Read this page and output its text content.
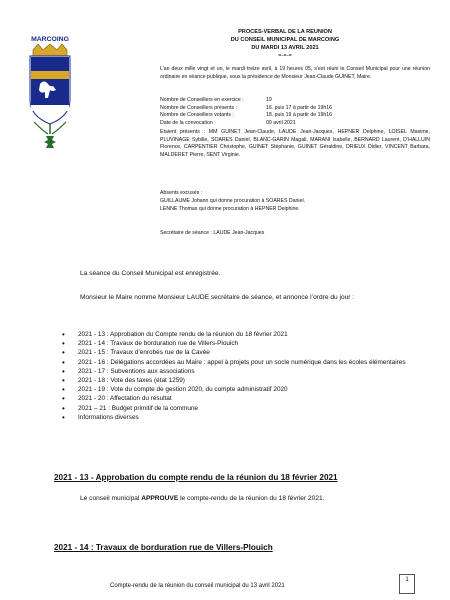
PROCES-VERBAL DE LA REUNION
DU CONSEIL MUNICIPAL DE MARCOING
DU MARDI 13 AVRIL 2021
=-=-=
MARCOING
L’an deux mille vingt et un, le mardi treize avril, à 19 heures 05, s’est réuni le Conseil Municipal pour une réunion ordinaire en séance publique, sous la présidence de Monsieur Jean-Claude GUINET, Maire.
Nombre de Conseillers en exercice :	19
Nombre de Conseillers présents :	16. puis 17 à partir de 19h16
Nombre de Conseillers votants :	18. puis 19 à partir de 19h16
Date de la convocation :	09 avril 2021
Etaient présents : MM GUINET Jean-Claude, LAUDE Jean-Jacques, HEPNER Delphine, LOISEL Maxime, PLUVINAGE Sybille, SOARES Daniel, BLANC-GARIN Magali, MARANI Isabelle, BERNARD Laurent, D’HALLUIN Florence, CARPENTIER Christophe, GUINET Stéphanie, GUINET Géraldine, DRIEUX Didier, VINCENT Barbara, MALDERET Pierre, SENT Virginie.
Absents excusés :
GUILLAUME Johann qui donne procuration à SOARES Daniel.
LENNE Thomas qui donne procuration à HEPNER Delphine.
Secrétaire de séance : LAUDE Jean-Jacques
La séance du Conseil Municipal est enregistrée.
Monsieur le Maire nomme Monsieur LAUDE secrétaire de séance, et annonce l’ordre du jour :
• 2021 - 13 : Approbation du Compte rendu de la réunion du 18 février 2021
• 2021 - 14 : Travaux de borduration rue de Villers-Plouich
• 2021 - 15 : Travaux d’enrobés rue de la Cavée
• 2021 - 16 : Délégations accordées au Maire : appel à projets pour un socle numérique dans les écoles élémentaires
• 2021 - 17 : Subventions aux associations
• 2021 - 18 : Vote des taxes (état 1259)
• 2021 - 19 : Vote du compte de gestion 2020, du compte administratif 2020
• 2021 - 20 : Affectation du résultat
• 2021 – 21 : Budget primitif de la commune
• Informations diverses
2021 - 13 - Approbation du compte rendu de la réunion du 18 février 2021
Le conseil municipal APPROUVE le compte-rendu de la réunion du 18 février 2021.
2021 - 14 : Travaux de borduration rue de Villers-Plouich
Compte-rendu de la réunion du conseil municipal du 13 avril 2021
1
